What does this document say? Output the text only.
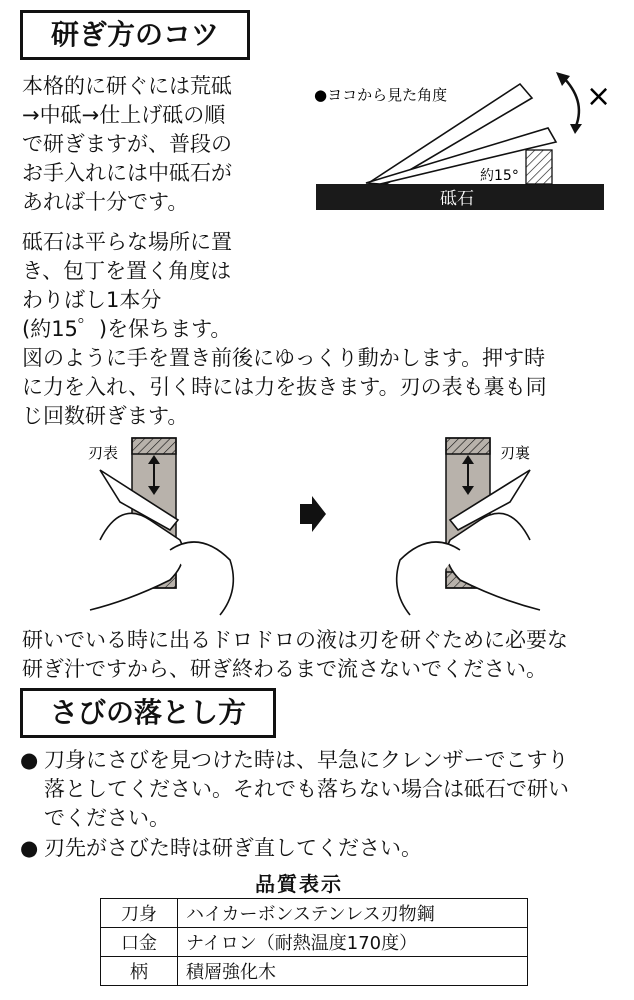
研ぎ方のコツ
本格的に研ぐには荒砥
→中砥→仕上げ砥の順
で研ぎますが、普段の
お手入れには中砥石が
あれば十分です。
砥石は平らな場所に置
き、包丁を置く角度は
わりばし1本分
(約15゜)を保ちます。
●ヨコから見た角度
砥石
約15°
×
図のように手を置き前後にゆっくり動かします。押す時
に力を入れ、引く時には力を抜きます。刃の表も裏も同
じ回数研ぎます。
刃表	刃裏
研いでいる時に出るドロドロの液は刃を研ぐために必要な
研ぎ汁ですから、研ぎ終わるまで流さないでください。
さびの落とし方
● 刀身にさびを見つけた時は、早急にクレンザーでこすり
落としてください。それでも落ちない場合は砥石で研い
でください。
● 刃先がさびた時は研ぎ直してください。
品質表示
刀身	ハイカーボンステンレス刃物鋼
口金	ナイロン（耐熱温度170度）
柄	積層強化木
